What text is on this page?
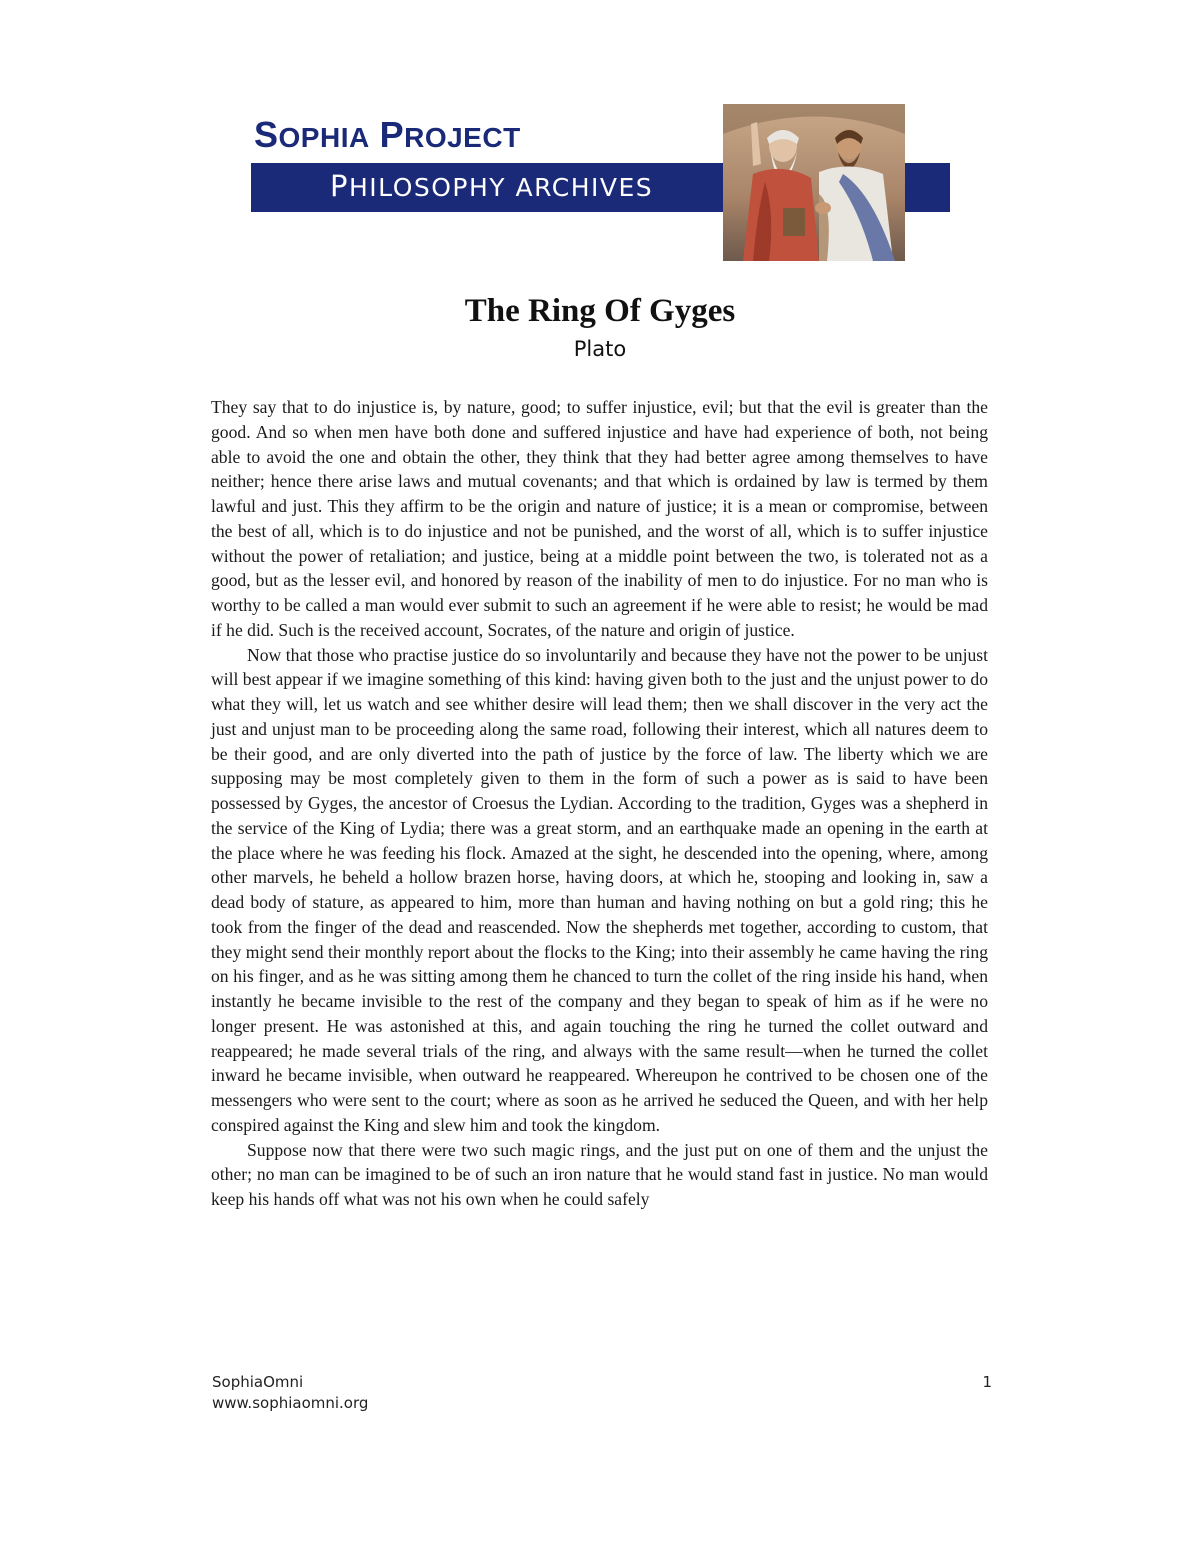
SOPHIA PROJECT
PHILOSOPHY ARCHIVES
The Ring Of Gyges
Plato

They say that to do injustice is, by nature, good; to suffer injustice, evil; but that the evil is greater than the good. And so when men have both done and suffered injustice and have had experience of both, not being able to avoid the one and obtain the other, they think that they had better agree among themselves to have neither; hence there arise laws and mutual covenants; and that which is ordained by law is termed by them lawful and just. This they affirm to be the origin and nature of justice; it is a mean or compromise, between the best of all, which is to do injustice and not be punished, and the worst of all, which is to suffer injustice without the power of retaliation; and justice, being at a middle point between the two, is tolerated not as a good, but as the lesser evil, and honored by reason of the inability of men to do injustice. For no man who is worthy to be called a man would ever submit to such an agreement if he were able to resist; he would be mad if he did. Such is the received account, Socrates, of the nature and origin of justice.

Now that those who practise justice do so involuntarily and because they have not the power to be unjust will best appear if we imagine something of this kind: having given both to the just and the unjust power to do what they will, let us watch and see whither desire will lead them; then we shall discover in the very act the just and unjust man to be proceeding along the same road, following their interest, which all natures deem to be their good, and are only diverted into the path of justice by the force of law. The liberty which we are supposing may be most completely given to them in the form of such a power as is said to have been possessed by Gyges, the ancestor of Croesus the Lydian. According to the tradition, Gyges was a shepherd in the service of the King of Lydia; there was a great storm, and an earthquake made an opening in the earth at the place where he was feeding his flock. Amazed at the sight, he descended into the opening, where, among other marvels, he beheld a hollow brazen horse, having doors, at which he, stooping and looking in, saw a dead body of stature, as appeared to him, more than human and having nothing on but a gold ring; this he took from the finger of the dead and reascended. Now the shepherds met together, according to custom, that they might send their monthly report about the flocks to the King; into their assembly he came having the ring on his finger, and as he was sitting among them he chanced to turn the collet of the ring inside his hand, when instantly he became invisible to the rest of the company and they began to speak of him as if he were no longer present. He was astonished at this, and again touching the ring he turned the collet outward and reappeared; he made several trials of the ring, and always with the same result—when he turned the collet inward he became invisible, when outward he reappeared. Whereupon he contrived to be chosen one of the messengers who were sent to the court; where as soon as he arrived he seduced the Queen, and with her help conspired against the King and slew him and took the kingdom.

Suppose now that there were two such magic rings, and the just put on one of them and the unjust the other; no man can be imagined to be of such an iron nature that he would stand fast in justice. No man would keep his hands off what was not his own when he could safely

SophiaOmni
www.sophiaomni.org
1
